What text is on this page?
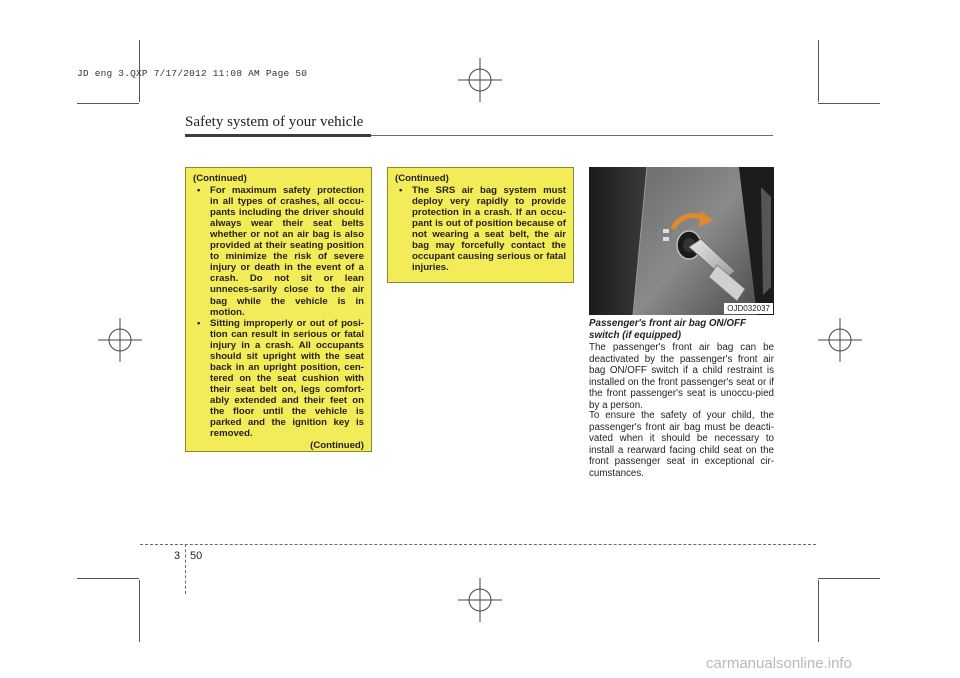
JD eng 3.QXP 7/17/2012 11:08 AM Page 50
Safety system of your vehicle
(Continued)
• For maximum safety protection in all types of crashes, all occu-pants including the driver should always wear their seat belts whether or not an air bag is also provided at their seating position to minimize the risk of severe injury or death in the event of a crash. Do not sit or lean unneces-sarily close to the air bag while the vehicle is in motion.
• Sitting improperly or out of posi-tion can result in serious or fatal injury in a crash. All occupants should sit upright with the seat back in an upright position, cen-tered on the seat cushion with their seat belt on, legs comfort-ably extended and their feet on the floor until the vehicle is parked and the ignition key is removed.
(Continued)
(Continued)
• The SRS air bag system must deploy very rapidly to provide protection in a crash. If an occu-pant is out of position because of not wearing a seat belt, the air bag may forcefully contact the occupant causing serious or fatal injuries.
OJD032037
Passenger's front air bag ON/OFF switch (if equipped)

The passenger's front air bag can be deactivated by the passenger's front air bag ON/OFF switch if a child restraint is installed on the front passenger's seat or if the front passenger's seat is unoccu-pied by a person.

To ensure the safety of your child, the passenger's front air bag must be deacti-vated when it should be necessary to install a rearward facing child seat on the front passenger seat in exceptional cir-cumstances.

3 50
carmanualsonline.info
